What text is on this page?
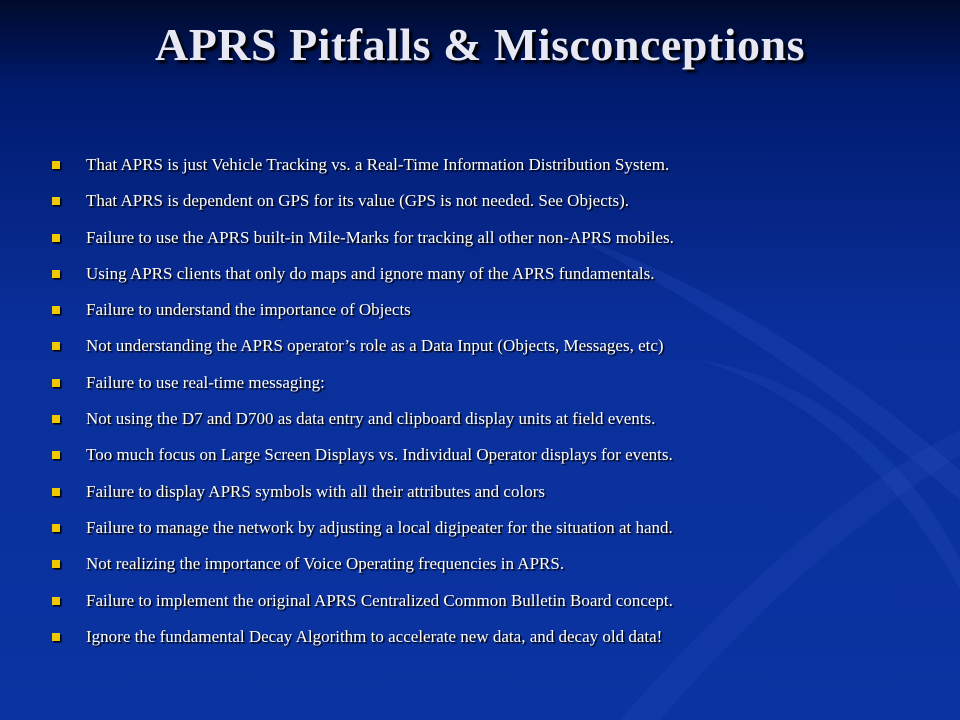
APRS Pitfalls & Misconceptions
That APRS is just Vehicle Tracking vs. a Real-Time Information Distribution System.
That APRS is dependent on GPS for its value (GPS is not needed. See Objects).
Failure to use the APRS built-in Mile-Marks for tracking all other non-APRS mobiles.
Using APRS clients that only do maps and ignore many of the APRS fundamentals.
Failure to understand the importance of Objects
Not understanding the APRS operator’s role as a Data Input (Objects, Messages, etc)
Failure to use real-time messaging:
Not using the D7 and D700 as data entry and clipboard display units at field events.
Too much focus on Large Screen Displays vs. Individual Operator displays for events.
Failure to display APRS symbols with all their attributes and colors
Failure to manage the network by adjusting a local digipeater for the situation at hand.
Not realizing the importance of Voice Operating frequencies in APRS.
Failure to implement the original APRS Centralized Common Bulletin Board concept.
Ignore the fundamental Decay Algorithm to accelerate new data, and decay old data!
